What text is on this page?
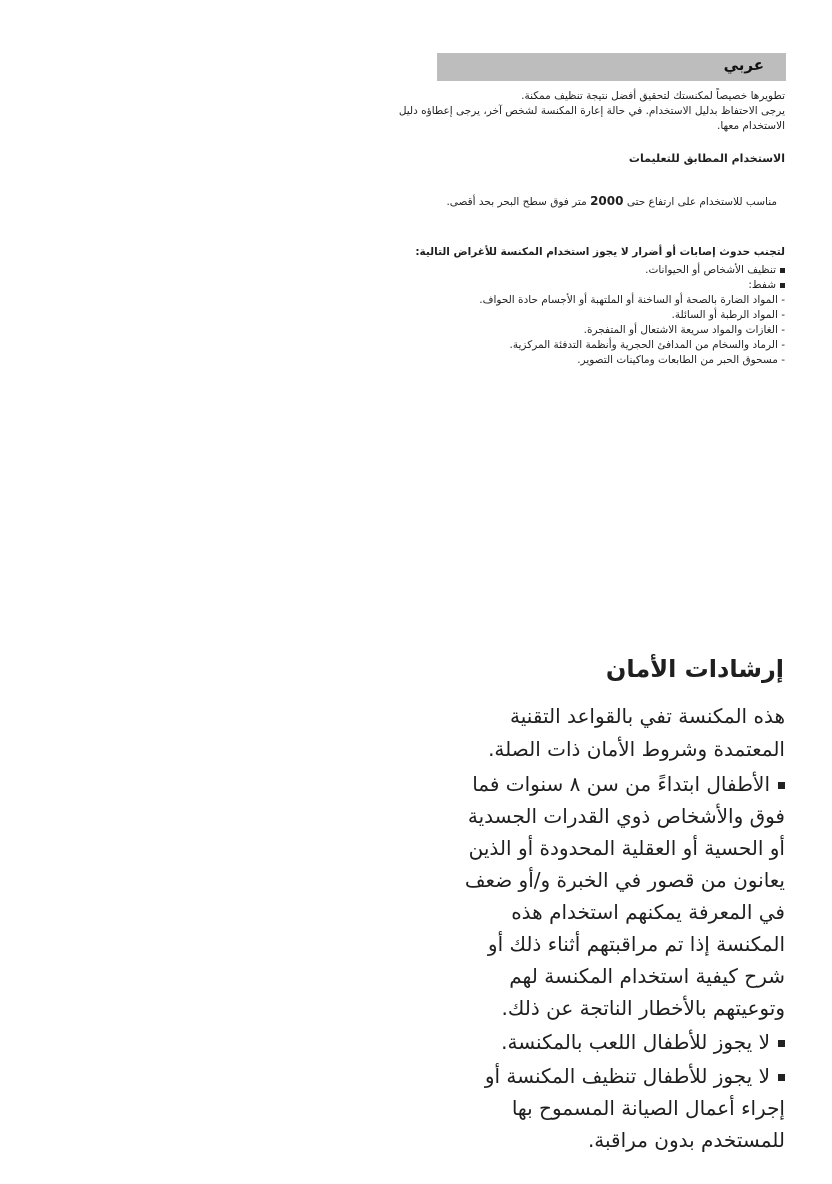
عربي

تطويرها خصيصاً لمكنستك لتحقيق أفضل نتيجة تنظيف ممكنة.

يرجى الاحتفاظ بدليل الاستخدام. في حالة إعارة المكنسة لشخص آخر، يرجى إعطاؤه دليل الاستخدام معها.

الاستخدام المطابق للتعليمات
مناسب للاستخدام على ارتفاع حتى 2000 متر فوق سطح البحر بحد أقصى.
لتجنب حدوث إصابات أو أضرار لا يجوز استخدام المكنسة للأغراض التالية:
تنظيف الأشخاص أو الحيوانات.
شفط:
- المواد الضارة بالصحة أو الساخنة أو الملتهبة أو الأجسام حادة الحواف.
- المواد الرطبة أو السائلة.
- الغازات والمواد سريعة الاشتعال أو المتفجرة.
- الرماد والسخام من المدافئ الحجرية وأنظمة التدفئة المركزية.
- مسحوق الحبر من الطابعات وماكينات التصوير.
إرشادات الأمان

هذه المكنسة تفي بالقواعد التقنية المعتمدة وشروط الأمان ذات الصلة.

الأطفال ابتداءً من سن ٨ سنوات فما فوق والأشخاص ذوي القدرات الجسدية أو الحسية أو العقلية المحدودة أو الذين يعانون من قصور في الخبرة و/أو ضعف في المعرفة يمكنهم استخدام هذه المكنسة إذا تم مراقبتهم أثناء ذلك أو شرح كيفية استخدام المكنسة لهم وتوعيتهم بالأخطار الناتجة عن ذلك.
لا يجوز للأطفال اللعب بالمكنسة.
لا يجوز للأطفال تنظيف المكنسة أو إجراء أعمال الصيانة المسموح بها للمستخدم بدون مراقبة.
